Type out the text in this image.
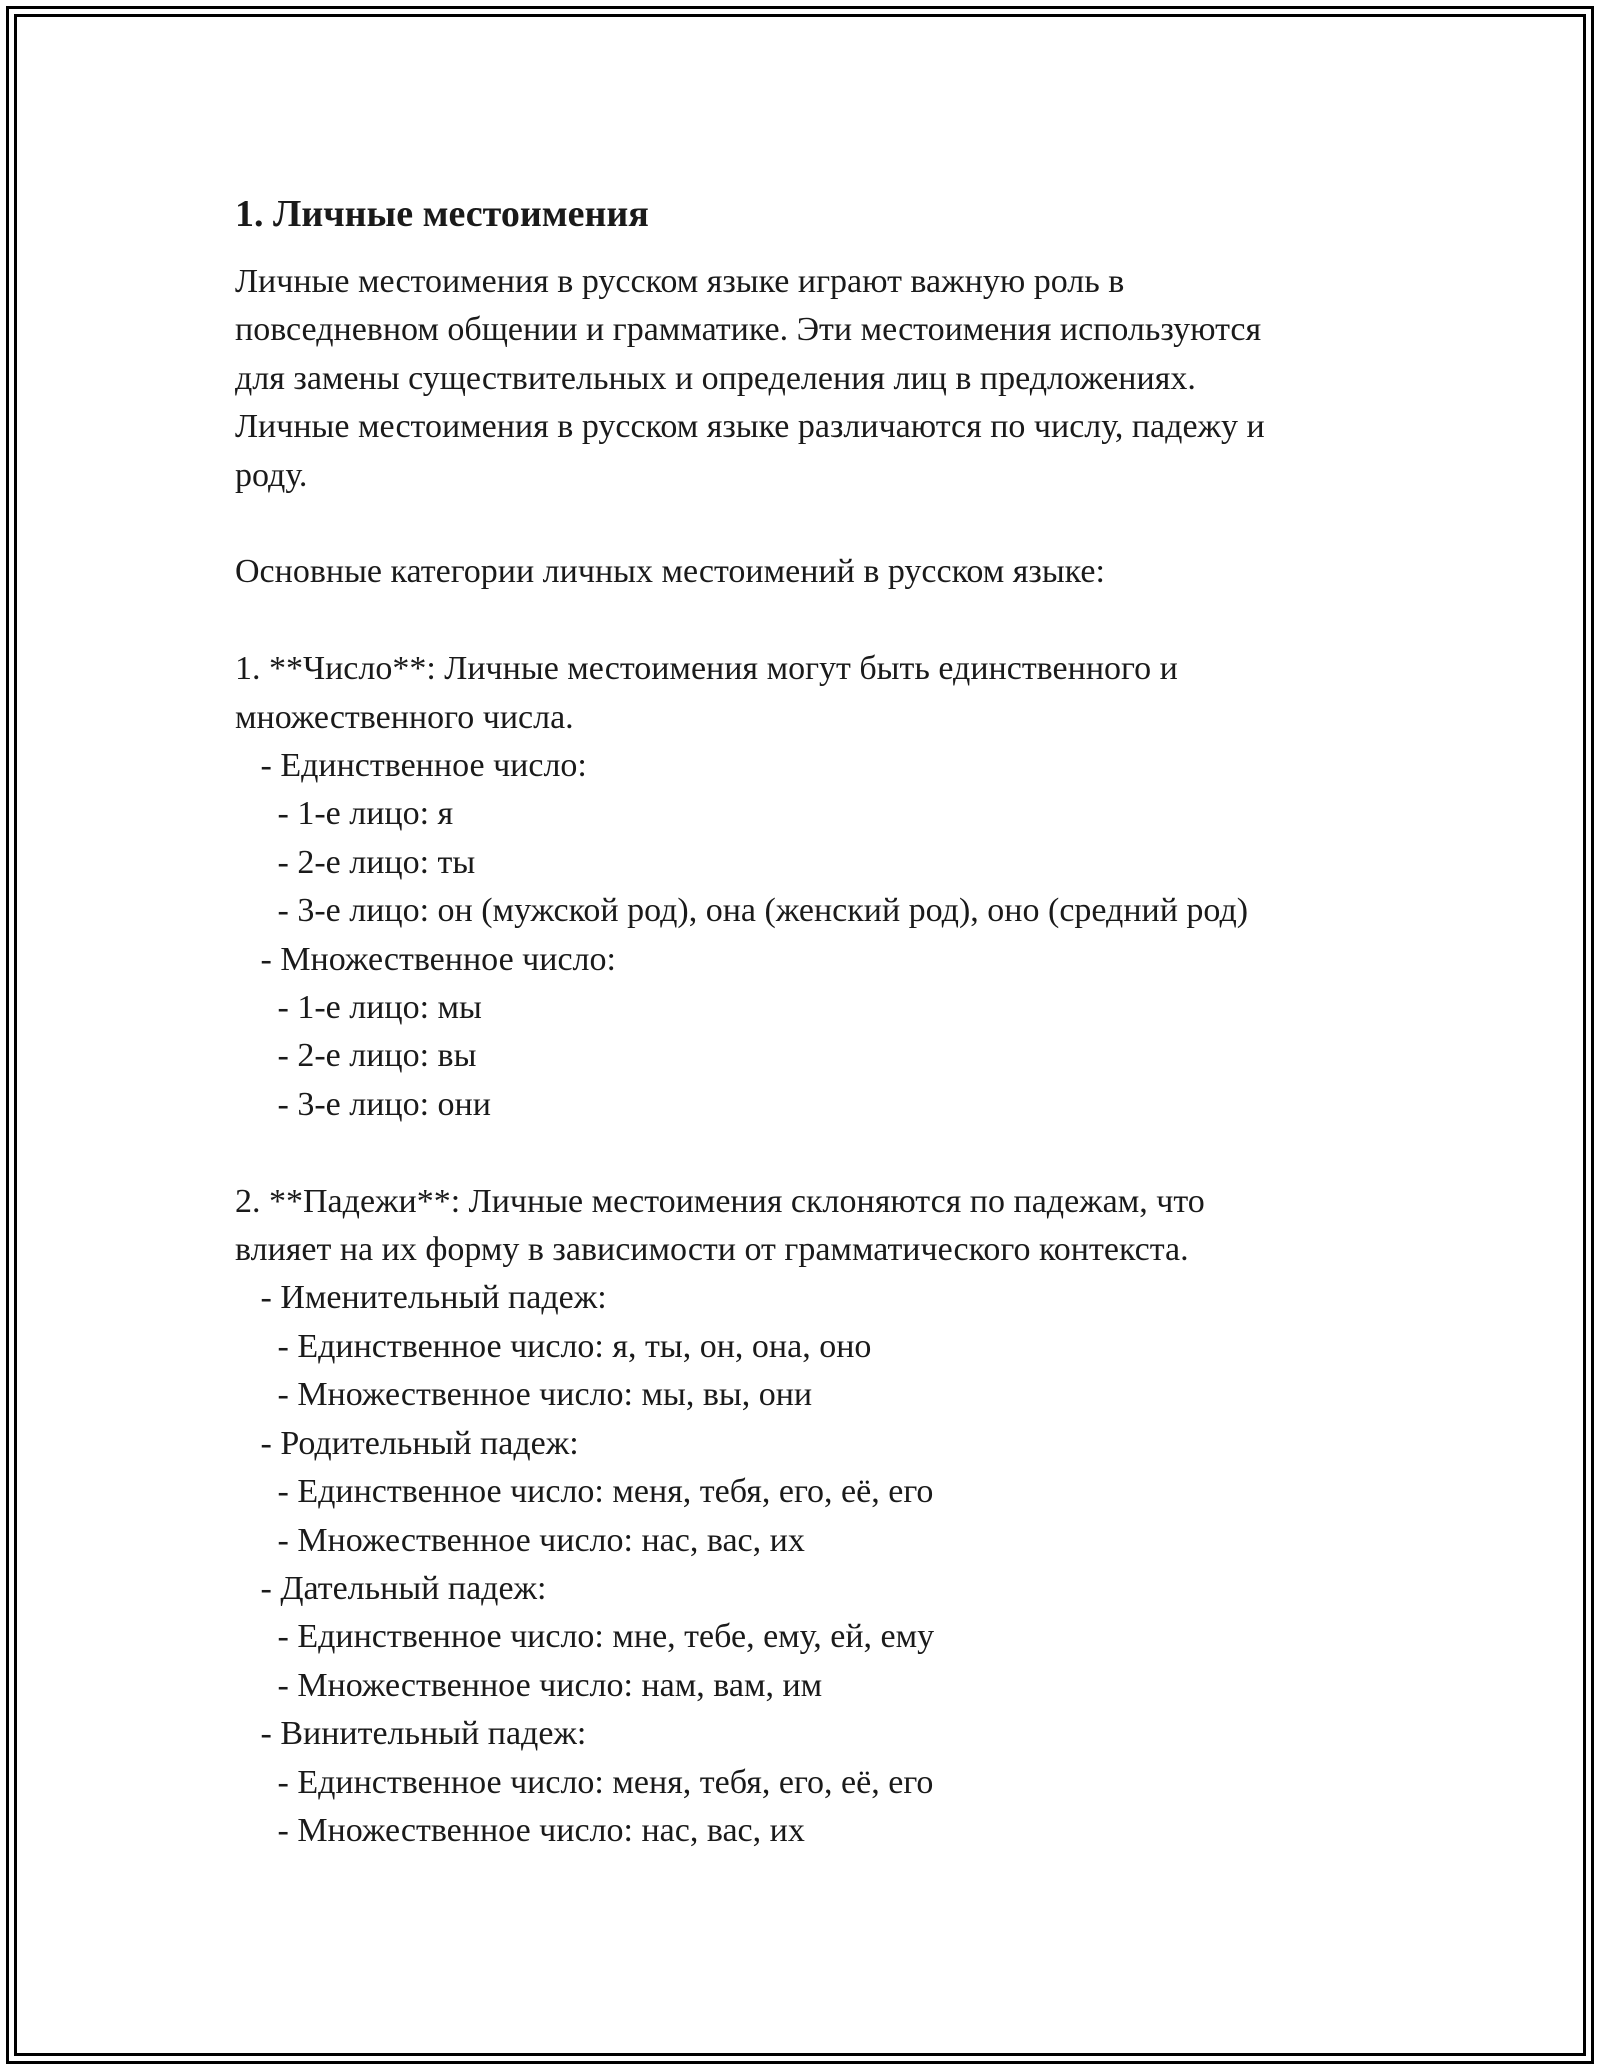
1. Личные местоимения
Личные местоимения в русском языке играют важную роль в
повседневном общении и грамматике. Эти местоимения используются
для замены существительных и определения лиц в предложениях.
Личные местоимения в русском языке различаются по числу, падежу и
роду.
Основные категории личных местоимений в русском языке:
1. **Число**: Личные местоимения могут быть единственного и
множественного числа.
- Единственное число:
- 1-е лицо: я
- 2-е лицо: ты
- 3-е лицо: он (мужской род), она (женский род), оно (средний род)
- Множественное число:
- 1-е лицо: мы
- 2-е лицо: вы
- 3-е лицо: они
2. **Падежи**: Личные местоимения склоняются по падежам, что
влияет на их форму в зависимости от грамматического контекста.
- Именительный падеж:
- Единственное число: я, ты, он, она, оно
- Множественное число: мы, вы, они
- Родительный падеж:
- Единственное число: меня, тебя, его, её, его
- Множественное число: нас, вас, их
- Дательный падеж:
- Единственное число: мне, тебе, ему, ей, ему
- Множественное число: нам, вам, им
- Винительный падеж:
- Единственное число: меня, тебя, его, её, его
- Множественное число: нас, вас, их
